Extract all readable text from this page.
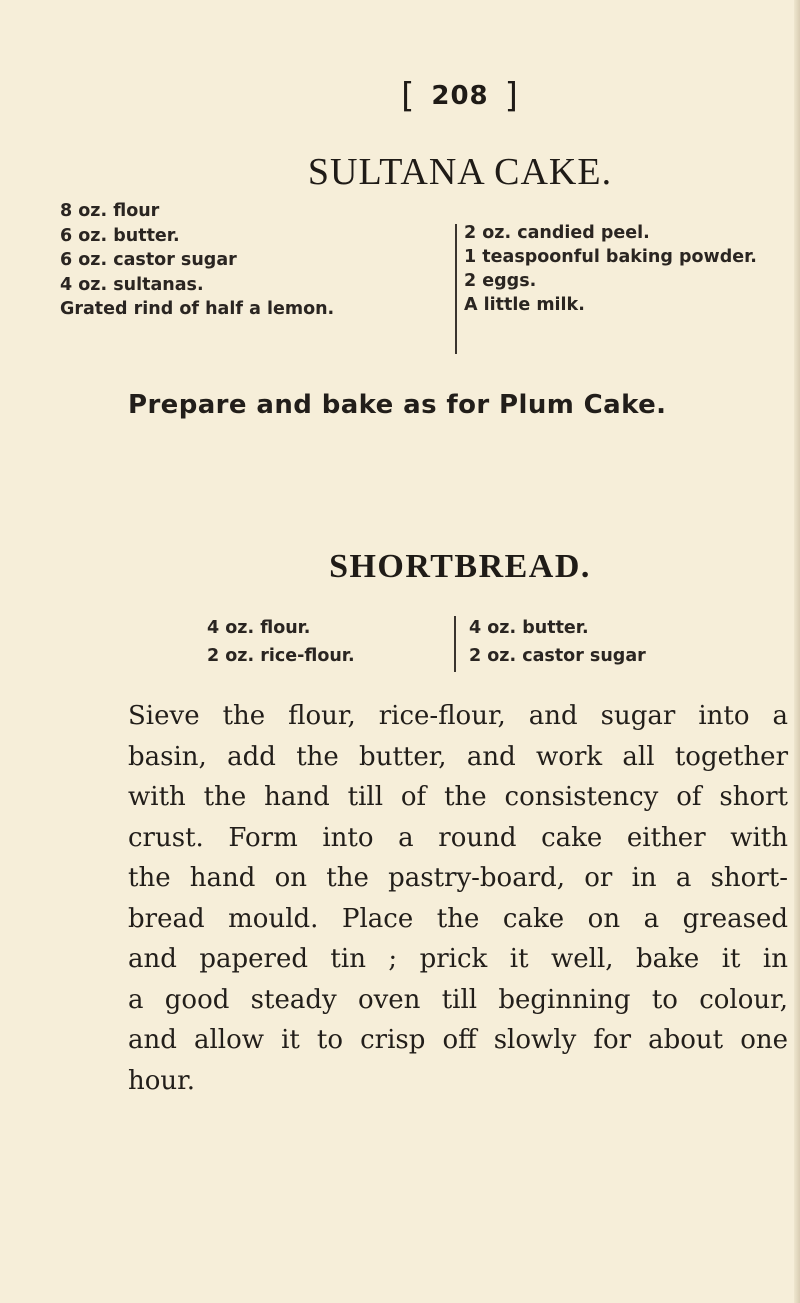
[ 208 ]
SULTANA CAKE.
8 oz. flour
6 oz. butter.
6 oz. castor sugar
4 oz. sultanas.
Grated rind of half a lemon.
2 oz. candied peel.
1 teaspoonful baking powder.
2 eggs.
A little milk.
Prepare and bake as for Plum Cake.
SHORTBREAD.
4 oz. flour.
2 oz. rice-flour.
4 oz. butter.
2 oz. castor sugar
Sieve the flour, rice-flour, and sugar into a
basin, add the butter, and work all together
with the hand till of the consistency of short
crust. Form into a round cake either with
the hand on the pastry-board, or in a short-
bread mould. Place the cake on a greased
and papered tin ; prick it well, bake it in
a good steady oven till beginning to colour,
and allow it to crisp off slowly for about one
hour.
